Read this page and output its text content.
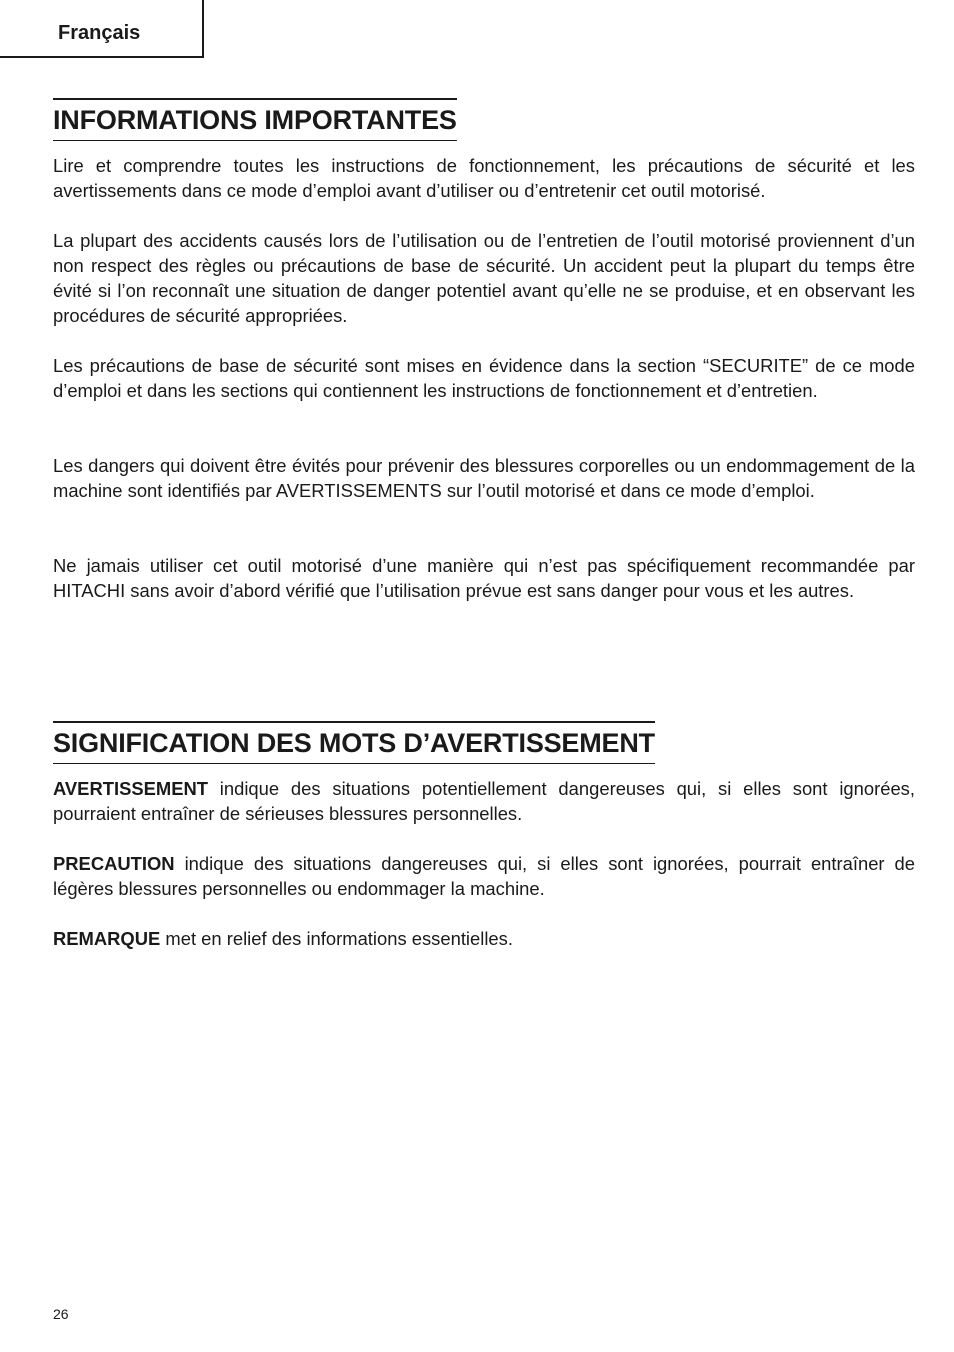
Français
INFORMATIONS IMPORTANTES

Lire et comprendre toutes les instructions de fonctionnement, les précautions de sécurité et les avertissements dans ce mode d’emploi avant d’utiliser ou d’entretenir cet outil motorisé.

La plupart des accidents causés lors de l’utilisation ou de l’entretien de l’outil motorisé proviennent d’un non respect des règles ou précautions de base de sécurité. Un accident peut la plupart du temps être évité si l’on reconnaît une situation de danger potentiel avant qu’elle ne se produise, et en observant les procédures de sécurité appropriées.

Les précautions de base de sécurité sont mises en évidence dans la section “SECURITE” de ce mode d’emploi et dans les sections qui contiennent les instructions de fonctionnement et d’entretien.

Les dangers qui doivent être évités pour prévenir des blessures corporelles ou un endommagement de la machine sont identifiés par AVERTISSEMENTS sur l’outil motorisé et dans ce mode d’emploi.

Ne jamais utiliser cet outil motorisé d’une manière qui n’est pas spécifiquement recommandée par HITACHI sans avoir d’abord vérifié que l’utilisation prévue est sans danger pour vous et les autres.

SIGNIFICATION DES MOTS D’AVERTISSEMENT

AVERTISSEMENT indique des situations potentiellement dangereuses qui, si elles sont ignorées, pourraient entraîner de sérieuses blessures personnelles.

PRECAUTION indique des situations dangereuses qui, si elles sont ignorées, pourrait entraîner de légères blessures personnelles ou endommager la machine.

REMARQUE met en relief des informations essentielles.

26
